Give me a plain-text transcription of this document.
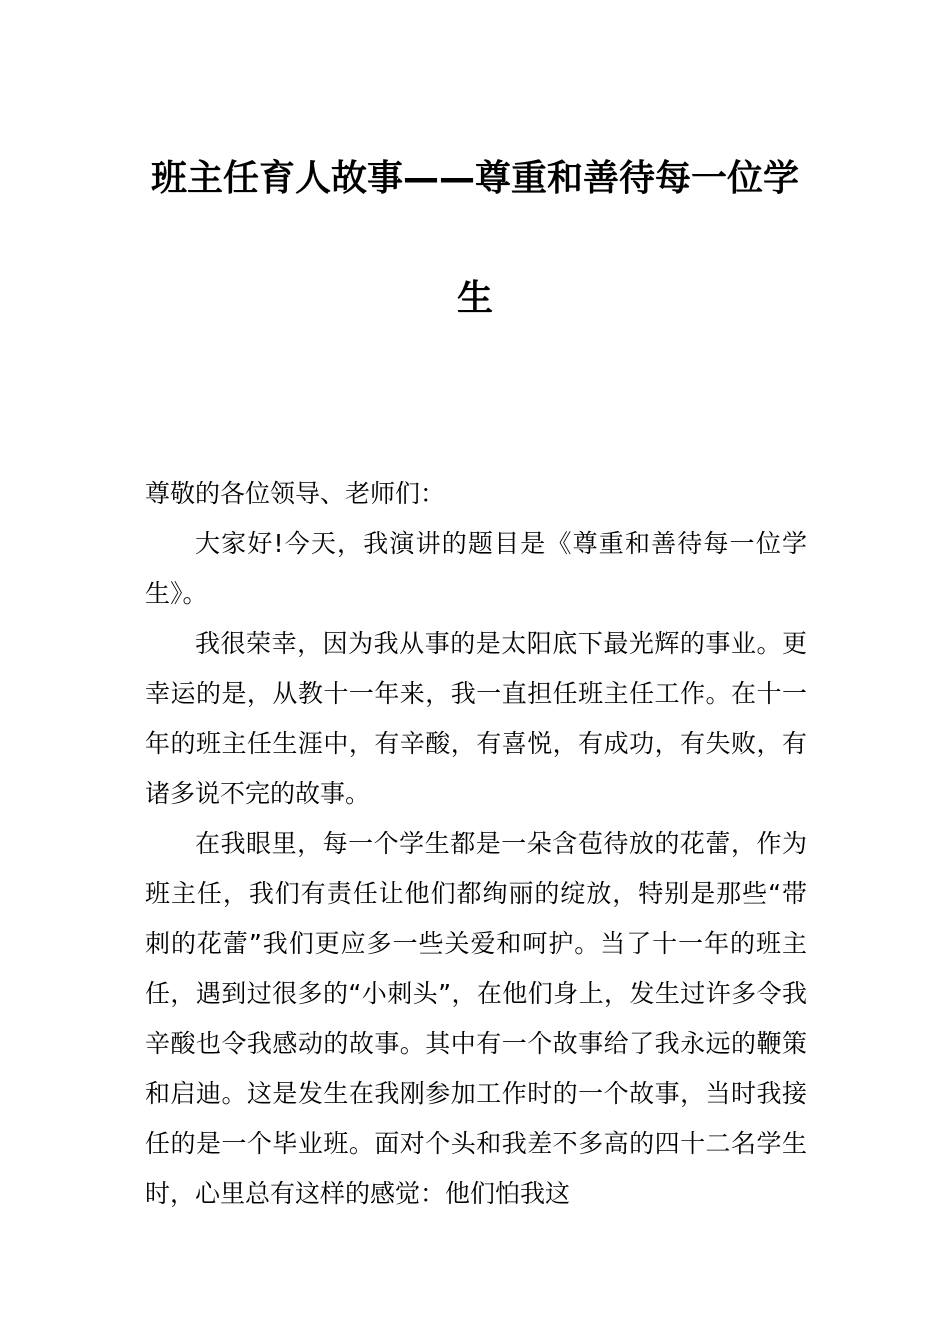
班主任育人故事——尊重和善待每一位学
生

尊敬的各位领导、老师们：

大家好!今天，我演讲的题目是《尊重和善待每一位学生》。

我很荣幸，因为我从事的是太阳底下最光辉的事业。更幸运的是，从教十一年来，我一直担任班主任工作。在十一年的班主任生涯中，有辛酸，有喜悦，有成功，有失败，有诸多说不完的故事。

在我眼里，每一个学生都是一朵含苞待放的花蕾，作为班主任，我们有责任让他们都绚丽的绽放，特别是那些“带刺的花蕾”我们更应多一些关爱和呵护。当了十一年的班主任，遇到过很多的“小刺头”，在他们身上，发生过许多令我辛酸也令我感动的故事。其中有一个故事给了我永远的鞭策和启迪。这是发生在我刚参加工作时的一个故事，当时我接任的是一个毕业班。面对个头和我差不多高的四十二名学生时，心里总有这样的感觉：他们怕我这
